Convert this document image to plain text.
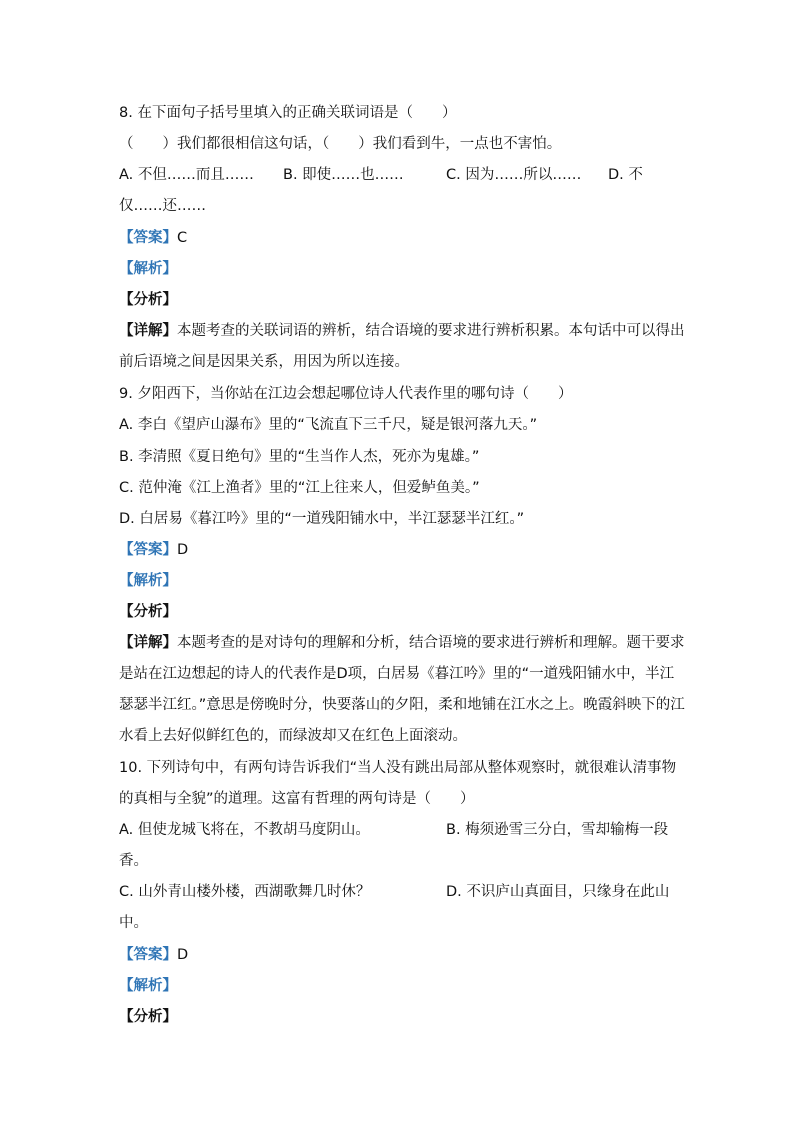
8. 在下面句子括号里填入的正确关联词语是（　　）
（　　）我们都很相信这句话，（　　）我们看到牛，一点也不害怕。
A. 不但……而且…… B. 即使……也……	C. 因为……所以…… D. 不
仅……还……
【答案】C
【解析】
【分析】
【详解】本题考查的关联词语的辨析，结合语境的要求进行辨析积累。本句话中可以得出
前后语境之间是因果关系，用因为所以连接。
9. 夕阳西下，当你站在江边会想起哪位诗人代表作里的哪句诗（　　）
A. 李白《望庐山瀑布》里的“飞流直下三千尺，疑是银河落九天。”
B. 李清照《夏日绝句》里的“生当作人杰，死亦为鬼雄。”
C. 范仲淹《江上渔者》里的“江上往来人，但爱鲈鱼美。”
D. 白居易《暮江吟》里的“一道残阳铺水中，半江瑟瑟半江红。”
【答案】D
【解析】
【分析】
【详解】本题考查的是对诗句的理解和分析，结合语境的要求进行辨析和理解。题干要求
是站在江边想起的诗人的代表作是D项，白居易《暮江吟》里的“一道残阳铺水中，半江
瑟瑟半江红。”意思是傍晚时分，快要落山的夕阳，柔和地铺在江水之上。晚霞斜映下的江
水看上去好似鲜红色的，而绿波却又在红色上面滚动。
10. 下列诗句中，有两句诗告诉我们“当人没有跳出局部从整体观察时，就很难认清事物
的真相与全貌”的道理。这富有哲理的两句诗是（　　）
A. 但使龙城飞将在，不教胡马度阴山。	B. 梅须逊雪三分白，雪却输梅一段
香。
C. 山外青山楼外楼，西湖歌舞几时休？	D. 不识庐山真面目，只缘身在此山
中。
【答案】D
【解析】
【分析】
